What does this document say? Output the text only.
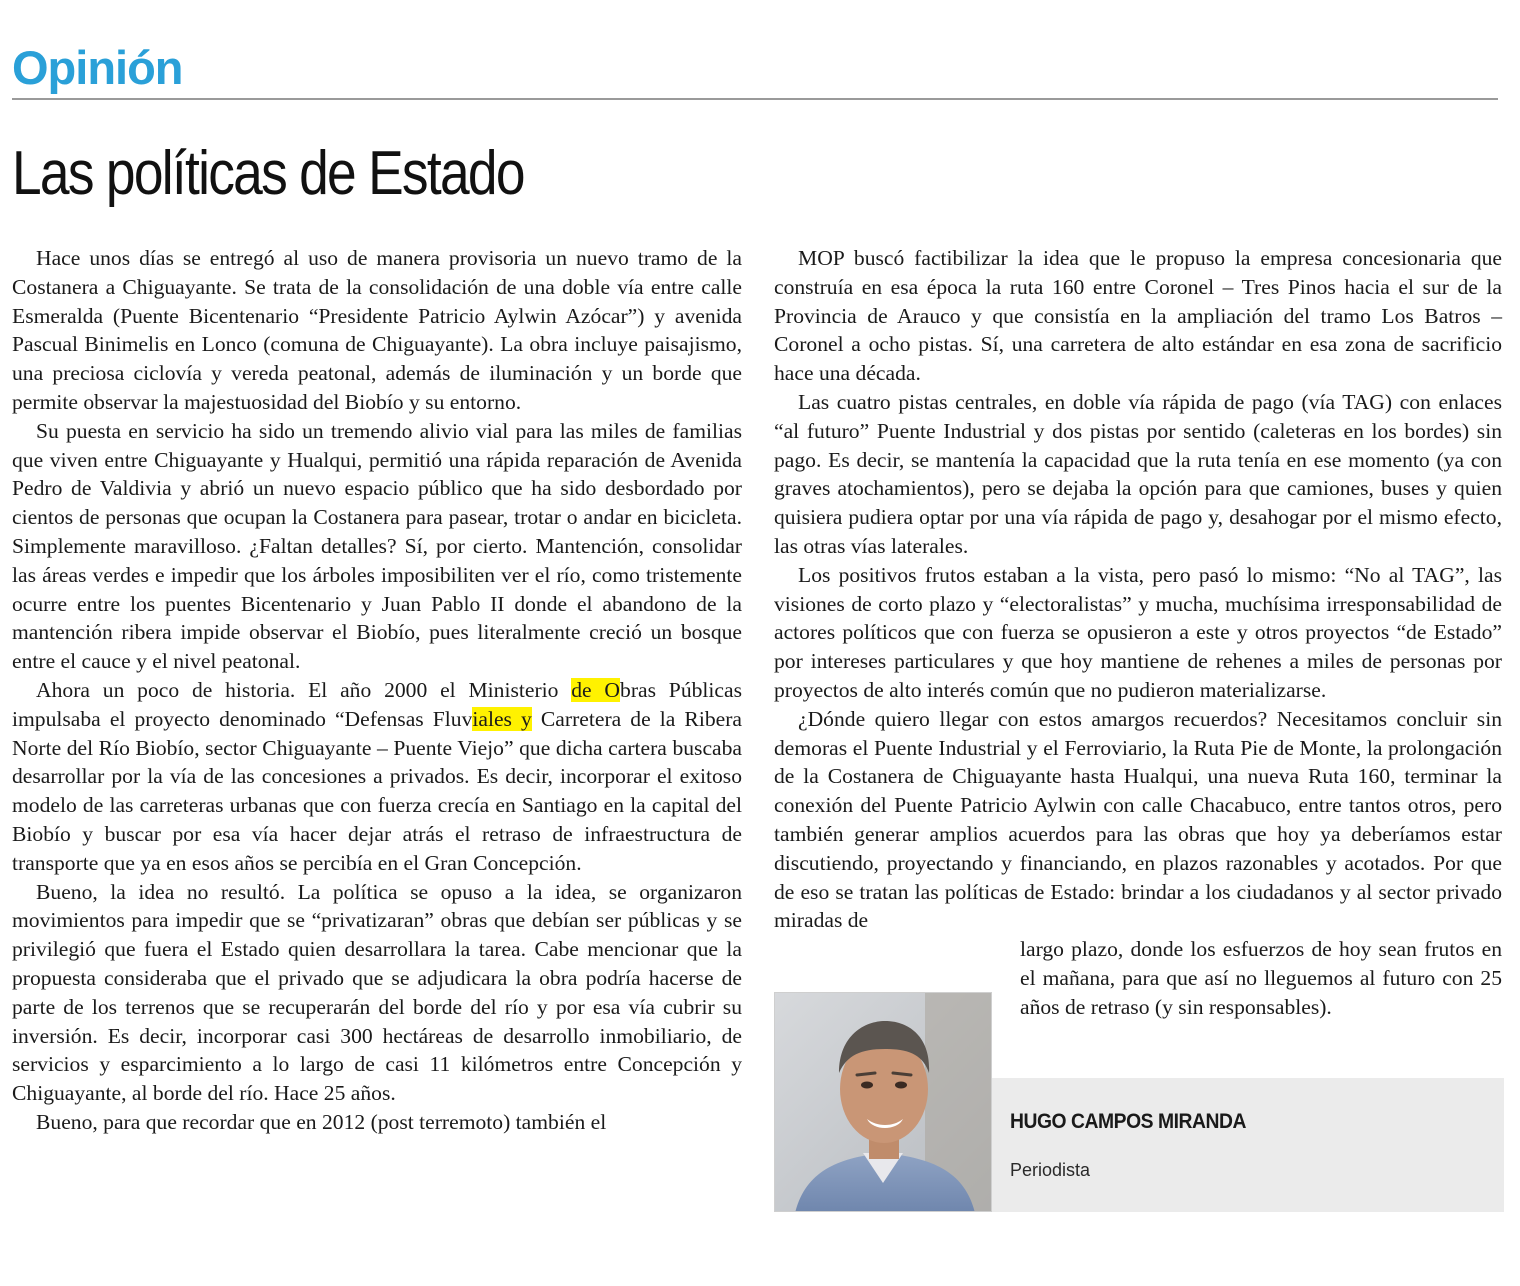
Opinión
Las políticas de Estado

Hace unos días se entregó al uso de manera provisoria un nuevo tramo de la Costanera a Chiguayante. Se trata de la consolidación de una doble vía entre calle Esmeralda (Puente Bicentenario “Presidente Patricio Aylwin Azócar”) y avenida Pascual Binimelis en Lonco (comuna de Chiguayante). La obra incluye paisajismo, una preciosa ciclovía y vereda peatonal, además de iluminación y un borde que permite observar la majestuosidad del Biobío y su entorno.

Su puesta en servicio ha sido un tremendo alivio vial para las miles de familias que viven entre Chiguayante y Hualqui, permitió una rápida reparación de Avenida Pedro de Valdivia y abrió un nuevo espacio público que ha sido desbordado por cientos de personas que ocupan la Costanera para pasear, trotar o andar en bicicleta. Simplemente maravilloso. ¿Faltan detalles? Sí, por cierto. Mantención, consolidar las áreas verdes e impedir que los árboles imposibiliten ver el río, como tristemente ocurre entre los puentes Bicentenario y Juan Pablo II donde el abandono de la mantención ribera impide observar el Biobío, pues literalmente creció un bosque entre el cauce y el nivel peatonal.

Ahora un poco de historia. El año 2000 el Ministerio de Obras Públicas impulsaba el proyecto denominado “Defensas Fluviales y Carretera de la Ribera Norte del Río Biobío, sector Chiguayante – Puente Viejo” que dicha cartera buscaba desarrollar por la vía de las concesiones a privados. Es decir, incorporar el exitoso modelo de las carreteras urbanas que con fuerza crecía en Santiago en la capital del Biobío y buscar por esa vía hacer dejar atrás el retraso de infraestructura de transporte que ya en esos años se percibía en el Gran Concepción.

Bueno, la idea no resultó. La política se opuso a la idea, se organizaron movimientos para impedir que se “privatizaran” obras que debían ser públicas y se privilegió que fuera el Estado quien desarrollara la tarea. Cabe mencionar que la propuesta consideraba que el privado que se adjudicara la obra podría hacerse de parte de los terrenos que se recuperarán del borde del río y por esa vía cubrir su inversión. Es decir, incorporar casi 300 hectáreas de desarrollo inmobiliario, de servicios y esparcimiento a lo largo de casi 11 kilómetros entre Concepción y Chiguayante, al borde del río. Hace 25 años.

Bueno, para que recordar que en 2012 (post terremoto) también el

MOP buscó factibilizar la idea que le propuso la empresa concesionaria que construía en esa época la ruta 160 entre Coronel – Tres Pinos hacia el sur de la Provincia de Arauco y que consistía en la ampliación del tramo Los Batros – Coronel a ocho pistas. Sí, una carretera de alto estándar en esa zona de sacrificio hace una década.

Las cuatro pistas centrales, en doble vía rápida de pago (vía TAG) con enlaces “al futuro” Puente Industrial y dos pistas por sentido (caleteras en los bordes) sin pago. Es decir, se mantenía la capacidad que la ruta tenía en ese momento (ya con graves atochamientos), pero se dejaba la opción para que camiones, buses y quien quisiera pudiera optar por una vía rápida de pago y, desahogar por el mismo efecto, las otras vías laterales.

Los positivos frutos estaban a la vista, pero pasó lo mismo: “No al TAG”, las visiones de corto plazo y “electoralistas” y mucha, muchísima irresponsabilidad de actores políticos que con fuerza se opusieron a este y otros proyectos “de Estado” por intereses particulares y que hoy mantiene de rehenes a miles de personas por proyectos de alto interés común que no pudieron materializarse.

¿Dónde quiero llegar con estos amargos recuerdos? Necesitamos concluir sin demoras el Puente Industrial y el Ferroviario, la Ruta Pie de Monte, la prolongación de la Costanera de Chiguayante hasta Hualqui, una nueva Ruta 160, terminar la conexión del Puente Patricio Aylwin con calle Chacabuco, entre tantos otros, pero también generar amplios acuerdos para las obras que hoy ya deberíamos estar discutiendo, proyectando y financiando, en plazos razonables y acotados. Por que de eso se tratan las políticas de Estado: brindar a los ciudadanos y al sector privado miradas de

largo plazo, donde los esfuerzos de hoy sean frutos en el mañana, para que así no lleguemos al futuro con 25 años de retraso (y sin responsables).

HUGO CAMPOS MIRANDA
Periodista
